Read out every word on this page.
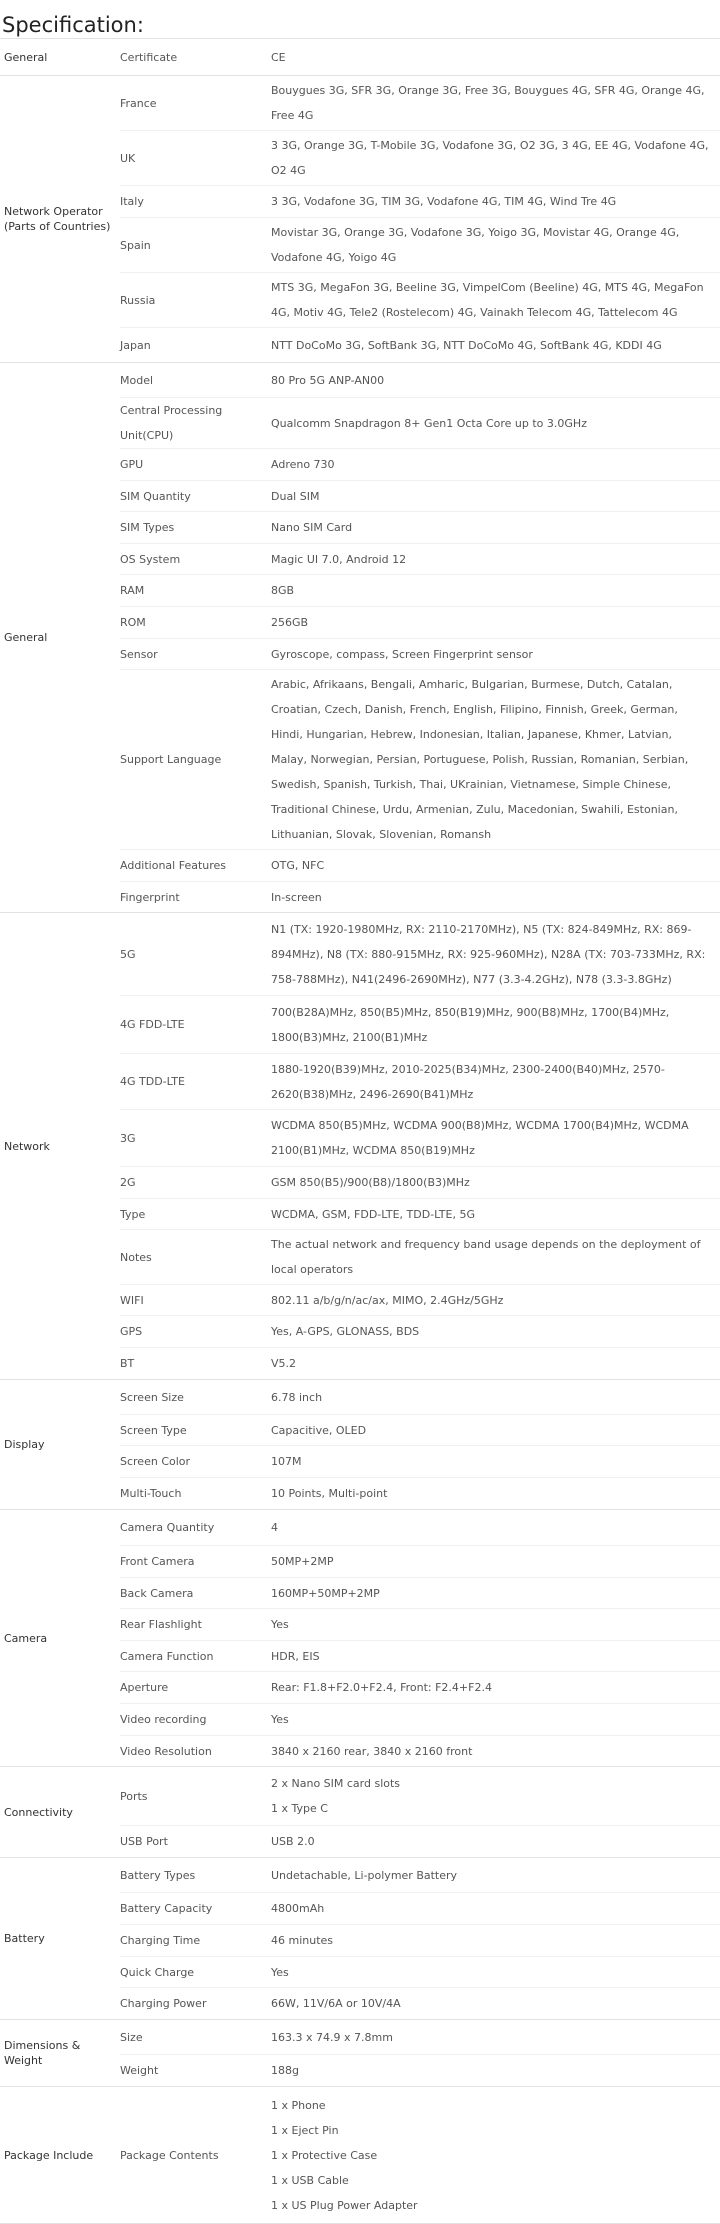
Specification:
General	Certificate	CE

Network Operator (Parts of Countries)	France	Bouygues 3G, SFR 3G, Orange 3G, Free 3G, Bouygues 4G, SFR 4G, Orange 4G, Free 4G

	UK	3 3G, Orange 3G, T-Mobile 3G, Vodafone 3G, O2 3G, 3 4G, EE 4G, Vodafone 4G, O2 4G

	Italy	3 3G, Vodafone 3G, TIM 3G, Vodafone 4G, TIM 4G, Wind Tre 4G

	Spain	Movistar 3G, Orange 3G, Vodafone 3G, Yoigo 3G, Movistar 4G, Orange 4G, Vodafone 4G, Yoigo 4G

	Russia	MTS 3G, MegaFon 3G, Beeline 3G, VimpelCom (Beeline) 4G, MTS 4G, MegaFon 4G, Motiv 4G, Tele2 (Rostelecom) 4G, Vainakh Telecom 4G, Tattelecom 4G

	Japan	NTT DoCoMo 3G, SoftBank 3G, NTT DoCoMo 4G, SoftBank 4G, KDDI 4G

General	Model	80 Pro 5G ANP-AN00

	Central Processing Unit(CPU)	Qualcomm Snapdragon 8+ Gen1 Octa Core up to 3.0GHz

	GPU	Adreno 730

	SIM Quantity	Dual SIM

	SIM Types	Nano SIM Card

	OS System	Magic UI 7.0, Android 12

	RAM	8GB

	ROM	256GB

	Sensor	Gyroscope, compass, Screen Fingerprint sensor

	Support Language	Arabic, Afrikaans, Bengali, Amharic, Bulgarian, Burmese, Dutch, Catalan, Croatian, Czech, Danish, French, English, Filipino, Finnish, Greek, German, Hindi, Hungarian, Hebrew, Indonesian, Italian, Japanese, Khmer, Latvian, Malay, Norwegian, Persian, Portuguese, Polish, Russian, Romanian, Serbian, Swedish, Spanish, Turkish, Thai, UKrainian, Vietnamese, Simple Chinese, Traditional Chinese, Urdu, Armenian, Zulu, Macedonian, Swahili, Estonian, Lithuanian, Slovak, Slovenian, Romansh

	Additional Features	OTG, NFC

	Fingerprint	In-screen

Network	5G	N1 (TX: 1920-1980MHz, RX: 2110-2170MHz), N5 (TX: 824-849MHz, RX: 869-894MHz), N8 (TX: 880-915MHz, RX: 925-960MHz), N28A (TX: 703-733MHz, RX: 758-788MHz), N41(2496-2690MHz), N77 (3.3-4.2GHz), N78 (3.3-3.8GHz)

	4G FDD-LTE	700(B28A)MHz, 850(B5)MHz, 850(B19)MHz, 900(B8)MHz, 1700(B4)MHz, 1800(B3)MHz, 2100(B1)MHz

	4G TDD-LTE	1880-1920(B39)MHz, 2010-2025(B34)MHz, 2300-2400(B40)MHz, 2570-2620(B38)MHz, 2496-2690(B41)MHz

	3G	WCDMA 850(B5)MHz, WCDMA 900(B8)MHz, WCDMA 1700(B4)MHz, WCDMA 2100(B1)MHz, WCDMA 850(B19)MHz

	2G	GSM 850(B5)/900(B8)/1800(B3)MHz

	Type	WCDMA, GSM, FDD-LTE, TDD-LTE, 5G

	Notes	The actual network and frequency band usage depends on the deployment of local operators

	WIFI	802.11 a/b/g/n/ac/ax, MIMO, 2.4GHz/5GHz

	GPS	Yes, A-GPS, GLONASS, BDS

	BT	V5.2

Display	Screen Size	6.78 inch

	Screen Type	Capacitive, OLED

	Screen Color	107M

	Multi-Touch	10 Points, Multi-point

Camera	Camera Quantity	4

	Front Camera	50MP+2MP

	Back Camera	160MP+50MP+2MP

	Rear Flashlight	Yes

	Camera Function	HDR, EIS

	Aperture	Rear: F1.8+F2.0+F2.4, Front: F2.4+F2.4

	Video recording	Yes

	Video Resolution	3840 x 2160 rear, 3840 x 2160 front

Connectivity	Ports	2 x Nano SIM card slots
1 x Type C

	USB Port	USB 2.0

Battery	Battery Types	Undetachable, Li-polymer Battery

	Battery Capacity	4800mAh

	Charging Time	46 minutes

	Quick Charge	Yes

	Charging Power	66W, 11V/6A or 10V/4A

Dimensions & Weight	Size	163.3 x 74.9 x 7.8mm

	Weight	188g

Package Include	Package Contents	1 x Phone
1 x Eject Pin
1 x Protective Case
1 x USB Cable
1 x US Plug Power Adapter
